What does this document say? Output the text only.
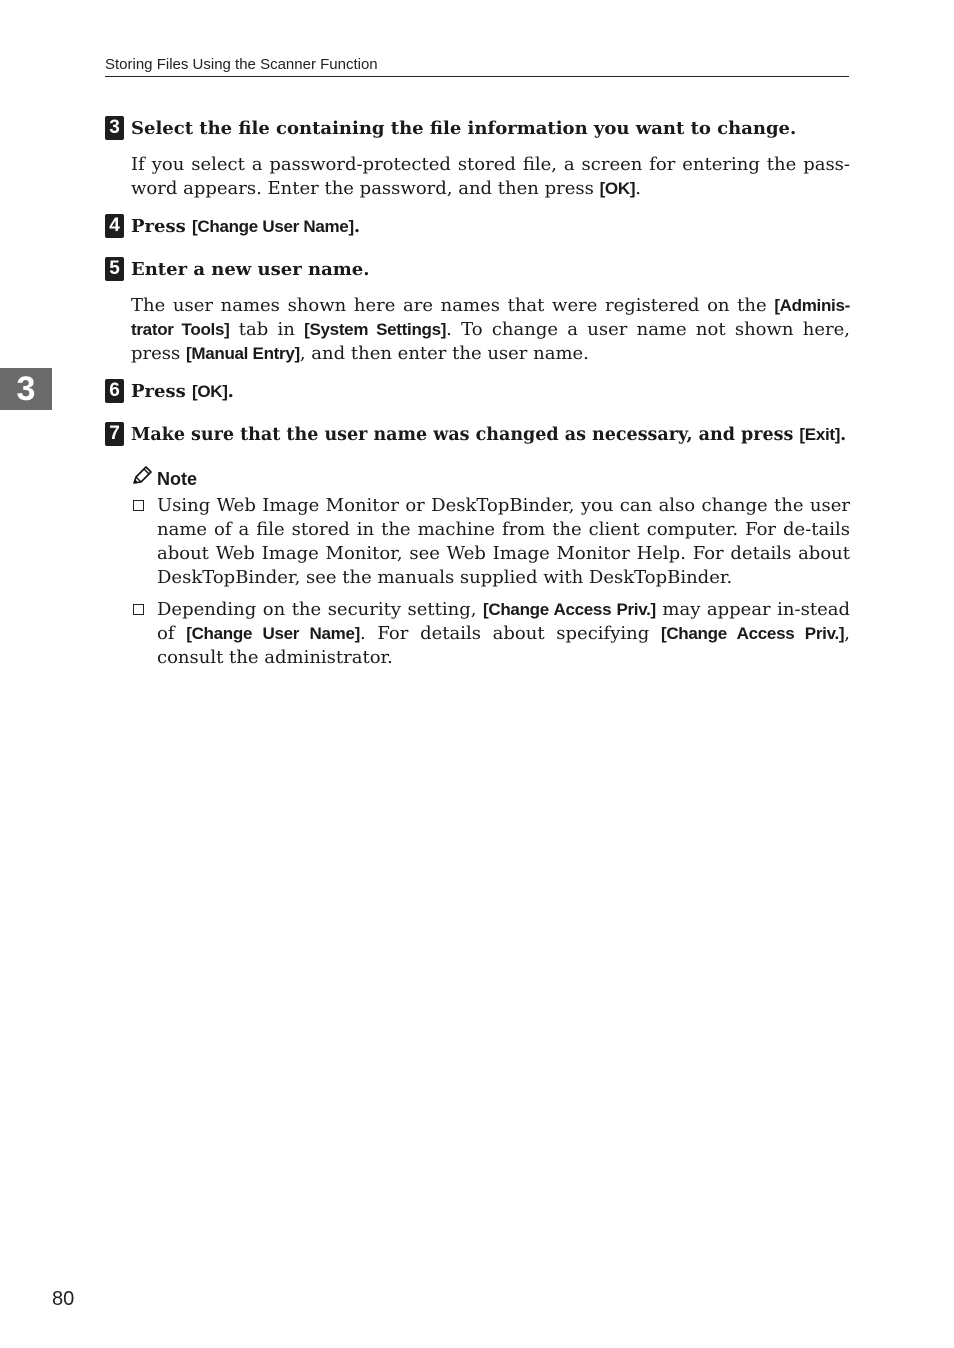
Storing Files Using the Scanner Function
3
3 Select the file containing the file information you want to change.
If you select a password-protected stored file, a screen for entering the pass-word appears. Enter the password, and then press [OK].
4 Press [Change User Name].
5 Enter a new user name.
The user names shown here are names that were registered on the [Adminis-trator Tools] tab in [System Settings]. To change a user name not shown here, press [Manual Entry], and then enter the user name.
6 Press [OK].
7 Make sure that the user name was changed as necessary, and press [Exit].
Note
Using Web Image Monitor or DeskTopBinder, you can also change the user name of a file stored in the machine from the client computer. For de-tails about Web Image Monitor, see Web Image Monitor Help. For details about DeskTopBinder, see the manuals supplied with DeskTopBinder.
Depending on the security setting, [Change Access Priv.] may appear in-stead of [Change User Name]. For details about specifying [Change Access Priv.], consult the administrator.
80
